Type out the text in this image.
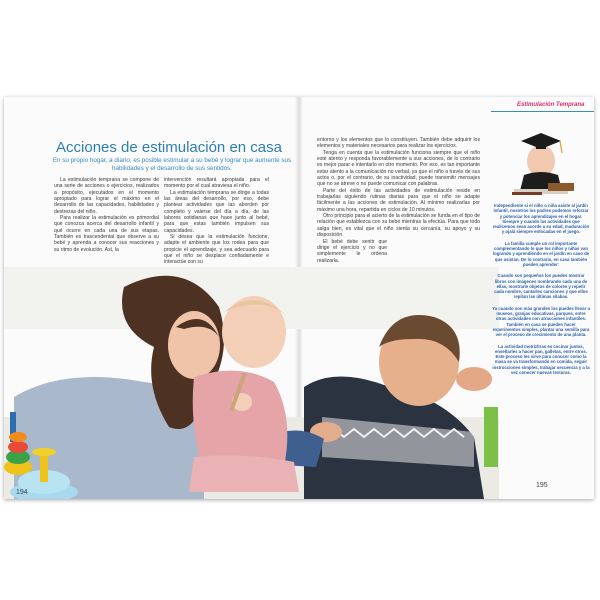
Acciones de estimulación en casa
En su propio hogar, a diario, es posible estimular a su bebé y lograr que aumente sus habilidades y el desarrollo de sus sentidos.

La estimulación temprana se compone de una serie de acciones o ejercicios, realizados a propósito, ejecutados en el momento apropiado para lograr el máximo en el desarrollo de las capacidades, habilidades y destrezas del niño.

Para realizar la estimulación es primordial que conozca acerca del desarrollo infantil y qué ocurre en cada una de sus etapas. También es trascendental que observe a su bebé y aprenda a conocer sus reacciones y su ritmo de evolución. Así, la

intervención resultará apropiada para el momento por el cual atraviesa el niño.

La estimulación temprana se dirige a todas las áreas del desarrollo, por eso, debe plantear actividades que las aborden por completo y valerse del día a día, de las labores cotidianas que hace junto al bebé, para que estas también impulsen sus capacidades.

Si desea que la estimulación funcione, adapte el ambiente que los rodea para que propicie el aprendizaje, y sea adecuado para que el niño se desplace confiadamente e interactúe con su

entorno y los elementos que lo constituyen. También debe adquirir los elementos y materiales necesarios para realizar los ejercicios.

Tenga en cuenta que la estimulación funciona siempre que el niño esté atento y responda favorablemente a sus acciones, de lo contrario es mejor parar e intentarlo en otro momento. Por eso, es tan importante estar atento a la comunicación no verbal, ya que el niño a través de sus actos o, por el contrario, de su inactividad, puede transmitir mensajes que no se atreve o no puede comunicar con palabras.

Parte del éxito de las actividades de estimulación reside en trabajarlas siguiendo rutinas diarias para que el niño se adapte fácilmente a las acciones de estimulación. Al mínimo realizarlas por máximo una hora, repartida en ciclos de 10 minutos.

Otro principio para el acierto de la estimulación se funda en el tipo de relación que establezca con su bebé mientras la efectúa. Para que todo salga bien, es vital que el niño sienta su cercanía, su apoyo y su disposición.

El bebé debe sentir que dirige el ejercicio y no que simplemente le ordena realizarla.

Estimulación Temprana

Independiente si el niño o niña asiste al jardín infantil, nosotros los padres podemos reforzar y potenciar los aprendizajes en el hogar. Siempre y cuando las actividades que realicemos sean acorde a su edad, maduración y ojalá siempre enfocadas en el juego.

La familia cumple un rol importante complementando lo que los niños y niñas van logrando y aprendiendo en el jardín en caso de que asistan. De lo contrario, en casa también pueden aprender:

Cuando son pequeños los puedes mostrar libros con imágenes nombrando cada una de ellas, mostrarle objetos de colores y repetir cada nombre, cantarles canciones y que ellos repitan las últimas sílabas.

Ya cuando son más grandes los puedes llevar a museos, granjas educativas, parques, entre otras actividades con atracciones infantiles. También en casa se pueden hacer experimentos simples, plantar una semilla para ver el proceso de crecimiento de una planta.

La actividad motriz/tras es cocinar juntos, enseñarles a hacer pan, galletas, entre otros. Este proceso les sirve para conocer como la masa se va transformando en comida, seguir instrucciones simples, trabajar secuencia y a la vez conocer nuevas texturas.

194
195
